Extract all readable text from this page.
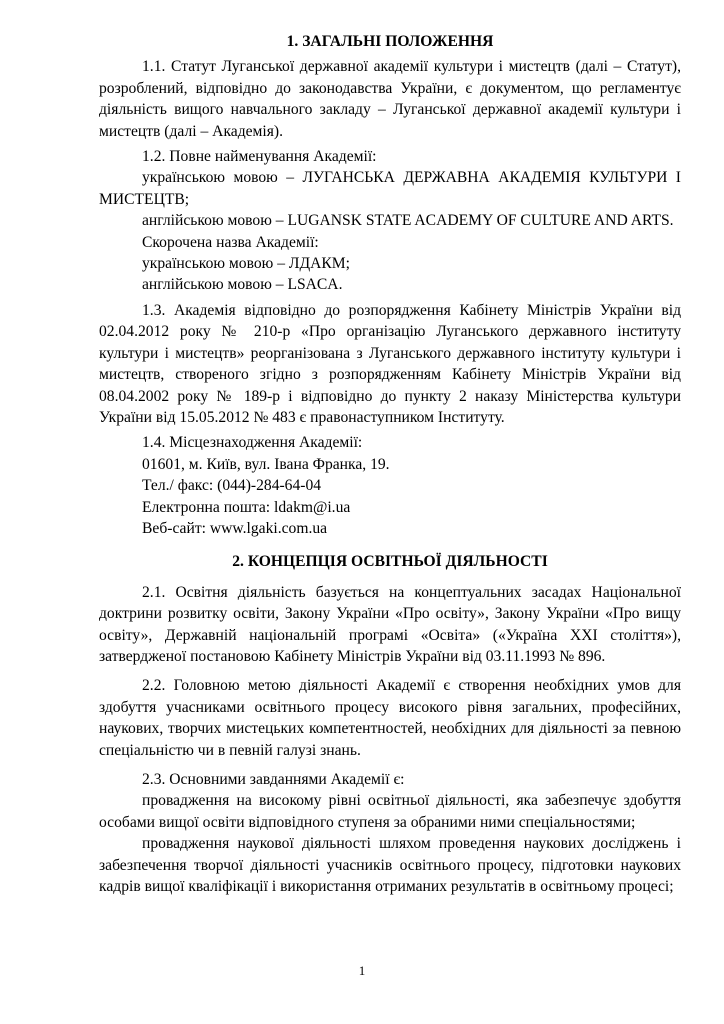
1. ЗАГАЛЬНІ ПОЛОЖЕННЯ

1.1. Статут Луганської державної академії культури і мистецтв (далі – Статут), розроблений, відповідно до законодавства України, є документом, що регламентує діяльність вищого навчального закладу – Луганської державної академії культури і мистецтв (далі – Академія).

1.2. Повне найменування Академії:

українською мовою – ЛУГАНСЬКА ДЕРЖАВНА АКАДЕМІЯ КУЛЬТУРИ І МИСТЕЦТВ;

англійською мовою – LUGANSK STATE ACADEMY OF CULTURE AND ARTS.

Скорочена назва Академії:
українською мовою – ЛДАКМ;
англійською мовою – LSACA.

1.3. Академія відповідно до розпорядження Кабінету Міністрів України від 02.04.2012 року № 210-р «Про організацію Луганського державного інституту культури і мистецтв» реорганізована з Луганського державного інституту культури і мистецтв, створеного згідно з розпорядженням Кабінету Міністрів України від 08.04.2002 року № 189-р і відповідно до пункту 2 наказу Міністерства культури України від 15.05.2012 № 483 є правонаступником Інституту.

1.4. Місцезнаходження Академії:
01601, м. Київ, вул. Івана Франка, 19.
Тел./ факс: (044)-284-64-04
Електронна пошта: ldakm@i.ua
Веб-сайт: www.lgaki.com.ua
2. КОНЦЕПЦІЯ ОСВІТНЬОЇ ДІЯЛЬНОСТІ

2.1. Освітня діяльність базується на концептуальних засадах Національної доктрини розвитку освіти, Закону України «Про освіту», Закону України «Про вищу освіту», Державній національній програмі «Освіта» («Україна XXI століття»), затвердженої постановою Кабінету Міністрів України від 03.11.1993 № 896.

2.2. Головною метою діяльності Академії є створення необхідних умов для здобуття учасниками освітнього процесу високого рівня загальних, професійних, наукових, творчих мистецьких компетентностей, необхідних для діяльності за певною спеціальністю чи в певній галузі знань.

2.3. Основними завданнями Академії є:

провадження на високому рівні освітньої діяльності, яка забезпечує здобуття особами вищої освіти відповідного ступеня за обраними ними спеціальностями;

провадження наукової діяльності шляхом проведення наукових досліджень і забезпечення творчої діяльності учасників освітнього процесу, підготовки наукових кадрів вищої кваліфікації і використання отриманих результатів в освітньому процесі;

1
